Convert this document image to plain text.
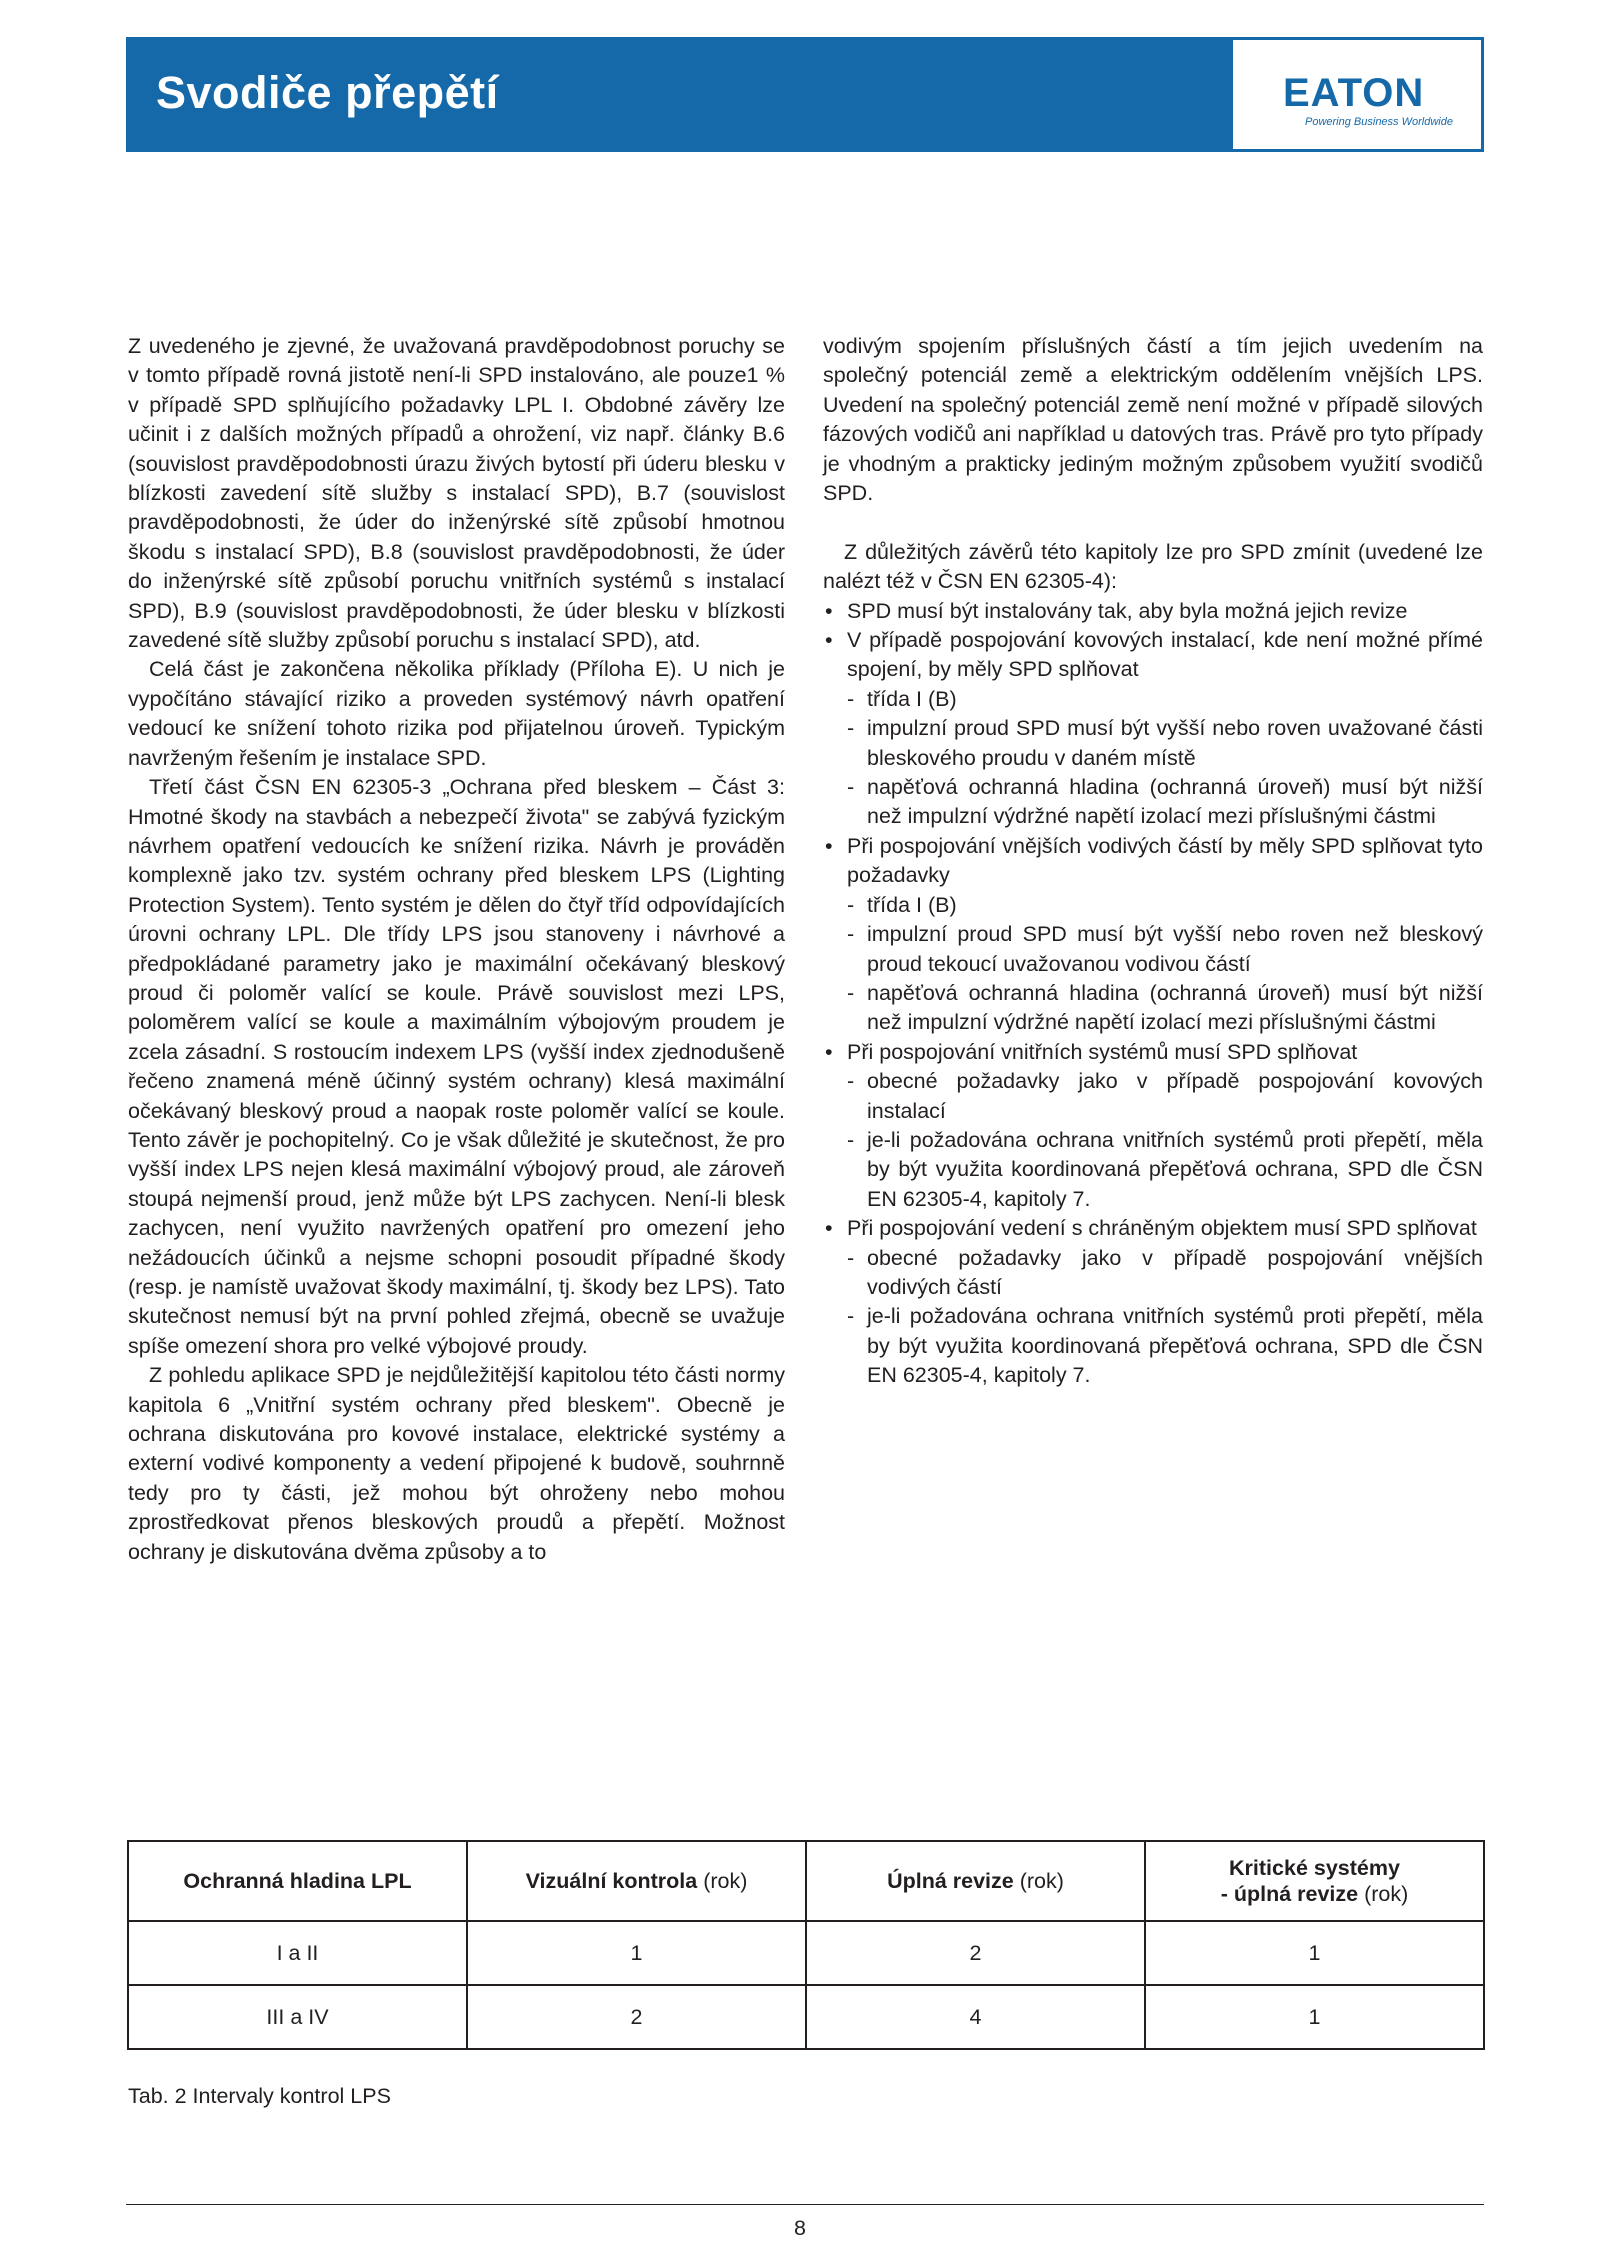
Svodiče přepětí	EATON
Powering Business Worldwide

Z uvedeného je zjevné, že uvažovaná pravděpodobnost poruchy se v tomto případě rovná jistotě není-li SPD instalováno, ale pouze1 % v případě SPD splňujícího požadavky LPL I. Obdobné závěry lze učinit i z dalších možných případů a ohrožení, viz např. články B.6 (souvislost pravděpodobnosti úrazu živých bytostí při úderu blesku v blízkosti zavedení sítě služby s instalací SPD), B.7 (souvislost pravděpodobnosti, že úder do inženýrské sítě způsobí hmotnou škodu s instalací SPD), B.8 (souvislost pravděpodobnosti, že úder do inženýrské sítě způsobí poruchu vnitřních systémů s instalací SPD), B.9 (souvislost pravděpodobnosti, že úder blesku v blízkosti zavedené sítě služby způsobí poruchu s instalací SPD), atd.

Celá část je zakončena několika příklady (Příloha E). U nich je vypočítáno stávající riziko a proveden systémový návrh opatření vedoucí ke snížení tohoto rizika pod přijatelnou úroveň. Typickým navrženým řešením je instalace SPD.

Třetí část ČSN EN 62305-3 „Ochrana před bleskem – Část 3: Hmotné škody na stavbách a nebezpečí života" se zabývá fyzickým návrhem opatření vedoucích ke snížení rizika. Návrh je prováděn komplexně jako tzv. systém ochrany před bleskem LPS (Lighting Protection System). Tento systém je dělen do čtyř tříd odpovídajících úrovni ochrany LPL. Dle třídy LPS jsou stanoveny i návrhové a předpokládané parametry jako je maximální očekávaný bleskový proud či poloměr valící se koule. Právě souvislost mezi LPS, poloměrem valící se koule a maximálním výbojovým proudem je zcela zásadní. S rostoucím indexem LPS (vyšší index zjednodušeně řečeno znamená méně účinný systém ochrany) klesá maximální očekávaný bleskový proud a naopak roste poloměr valící se koule. Tento závěr je pochopitelný. Co je však důležité je skutečnost, že pro vyšší index LPS nejen klesá maximální výbojový proud, ale zároveň stoupá nejmenší proud, jenž může být LPS zachycen. Není-li blesk zachycen, není využito navržených opatření pro omezení jeho nežádoucích účinků a nejsme schopni posoudit případné škody (resp. je namístě uvažovat škody maximální, tj. škody bez LPS). Tato skutečnost nemusí být na první pohled zřejmá, obecně se uvažuje spíše omezení shora pro velké výbojové proudy.

Z pohledu aplikace SPD je nejdůležitější kapitolou této části normy kapitola 6 „Vnitřní systém ochrany před bleskem". Obecně je ochrana diskutována pro kovové instalace, elektrické systémy a externí vodivé komponenty a vedení připojené k budově, souhrnně tedy pro ty části, jež mohou být ohroženy nebo mohou zprostředkovat přenos bleskových proudů a přepětí. Možnost ochrany je diskutována dvěma způsoby a to

vodivým spojením příslušných částí a tím jejich uvedením na společný potenciál země a elektrickým oddělením vnějších LPS. Uvedení na společný potenciál země není možné v případě silových fázových vodičů ani například u datových tras. Právě pro tyto případy je vhodným a prakticky jediným možným způsobem využití svodičů SPD.

Z důležitých závěrů této kapitoly lze pro SPD zmínit (uvedené lze nalézt též v ČSN EN 62305-4):

• SPD musí být instalovány tak, aby byla možná jejich revize
• V případě pospojování kovových instalací, kde není možné přímé spojení, by měly SPD splňovat
- třída I (B)
- impulzní proud SPD musí být vyšší nebo roven uvažované části bleskového proudu v daném místě
- napěťová ochranná hladina (ochranná úroveň) musí být nižší než impulzní výdržné napětí izolací mezi příslušnými částmi
• Při pospojování vnějších vodivých částí by měly SPD splňovat tyto požadavky
- třída I (B)
- impulzní proud SPD musí být vyšší nebo roven než bleskový proud tekoucí uvažovanou vodivou částí
- napěťová ochranná hladina (ochranná úroveň) musí být nižší než impulzní výdržné napětí izolací mezi příslušnými částmi
• Při pospojování vnitřních systémů musí SPD splňovat
- obecné požadavky jako v případě pospojování kovových instalací
- je-li požadována ochrana vnitřních systémů proti přepětí, měla by být využita koordinovaná přepěťová ochrana, SPD dle ČSN EN 62305-4, kapitoly 7.
• Při pospojování vedení s chráněným objektem musí SPD splňovat
- obecné požadavky jako v případě pospojování vnějších vodivých částí
- je-li požadována ochrana vnitřních systémů proti přepětí, měla by být využita koordinovaná přepěťová ochrana, SPD dle ČSN EN 62305-4, kapitoly 7.
Ochranná hladina LPL	Vizuální kontrola (rok)	Úplná revize (rok)	Kritické systémy
- úplná revize (rok)
I a II	1	2	1
III a IV	2	4	1
Tab. 2 Intervaly kontrol LPS
8
